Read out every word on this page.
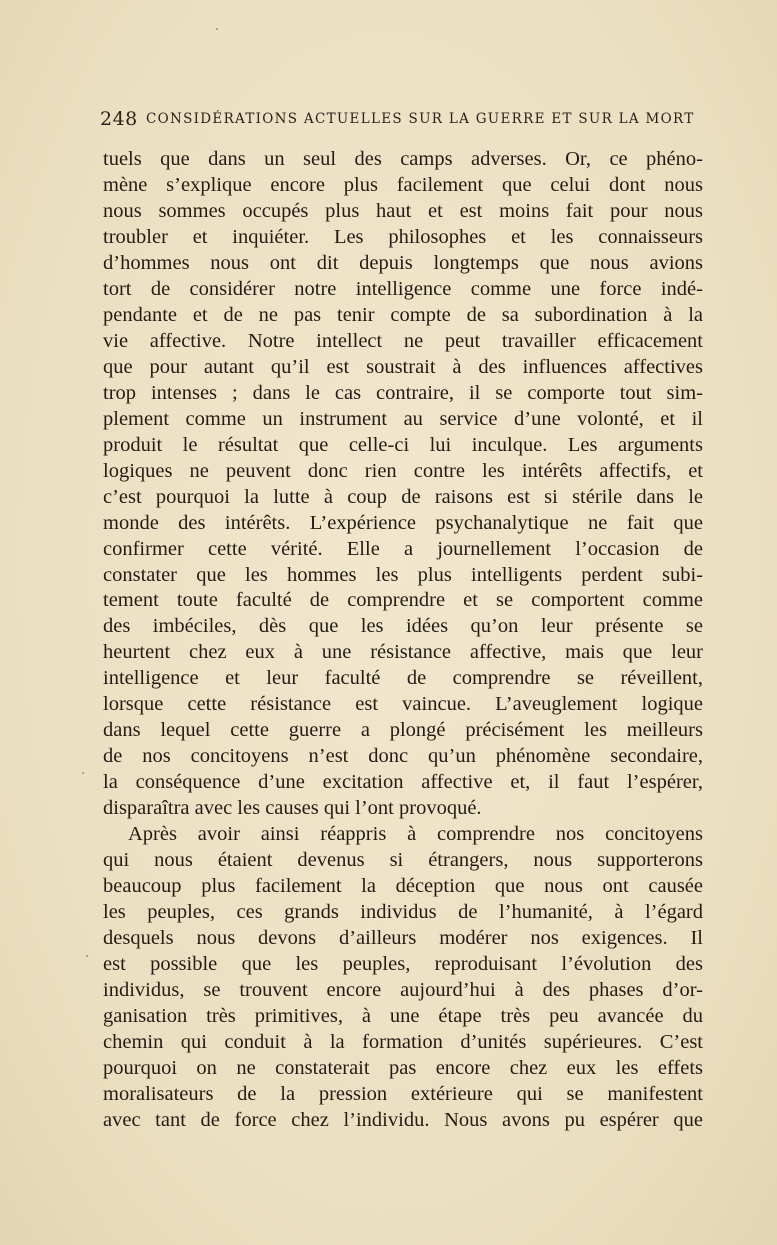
248 CONSIDÉRATIONS ACTUELLES SUR LA GUERRE ET SUR LA MORT
tuels que dans un seul des camps adverses. Or, ce phéno-
mène s’explique encore plus facilement que celui dont nous
nous sommes occupés plus haut et est moins fait pour nous
troubler et inquiéter. Les philosophes et les connaisseurs
d’hommes nous ont dit depuis longtemps que nous avions
tort de considérer notre intelligence comme une force indé-
pendante et de ne pas tenir compte de sa subordination à la
vie affective. Notre intellect ne peut travailler efficacement
que pour autant qu’il est soustrait à des influences affectives
trop intenses ; dans le cas contraire, il se comporte tout sim-
plement comme un instrument au service d’une volonté, et il
produit le résultat que celle-ci lui inculque. Les arguments
logiques ne peuvent donc rien contre les intérêts affectifs, et
c’est pourquoi la lutte à coup de raisons est si stérile dans le
monde des intérêts. L’expérience psychanalytique ne fait que
confirmer cette vérité. Elle a journellement l’occasion de
constater que les hommes les plus intelligents perdent subi-
tement toute faculté de comprendre et se comportent comme
des imbéciles, dès que les idées qu’on leur présente se
heurtent chez eux à une résistance affective, mais que leur
intelligence et leur faculté de comprendre se réveillent,
lorsque cette résistance est vaincue. L’aveuglement logique
dans lequel cette guerre a plongé précisément les meilleurs
de nos concitoyens n’est donc qu’un phénomène secondaire,
la conséquence d’une excitation affective et, il faut l’espérer,
disparaîtra avec les causes qui l’ont provoqué.
Après avoir ainsi réappris à comprendre nos concitoyens
qui nous étaient devenus si étrangers, nous supporterons
beaucoup plus facilement la déception que nous ont causée
les peuples, ces grands individus de l’humanité, à l’égard
desquels nous devons d’ailleurs modérer nos exigences. Il
est possible que les peuples, reproduisant l’évolution des
individus, se trouvent encore aujourd’hui à des phases d’or-
ganisation très primitives, à une étape très peu avancée du
chemin qui conduit à la formation d’unités supérieures. C’est
pourquoi on ne constaterait pas encore chez eux les effets
moralisateurs de la pression extérieure qui se manifestent
avec tant de force chez l’individu. Nous avons pu espérer que
